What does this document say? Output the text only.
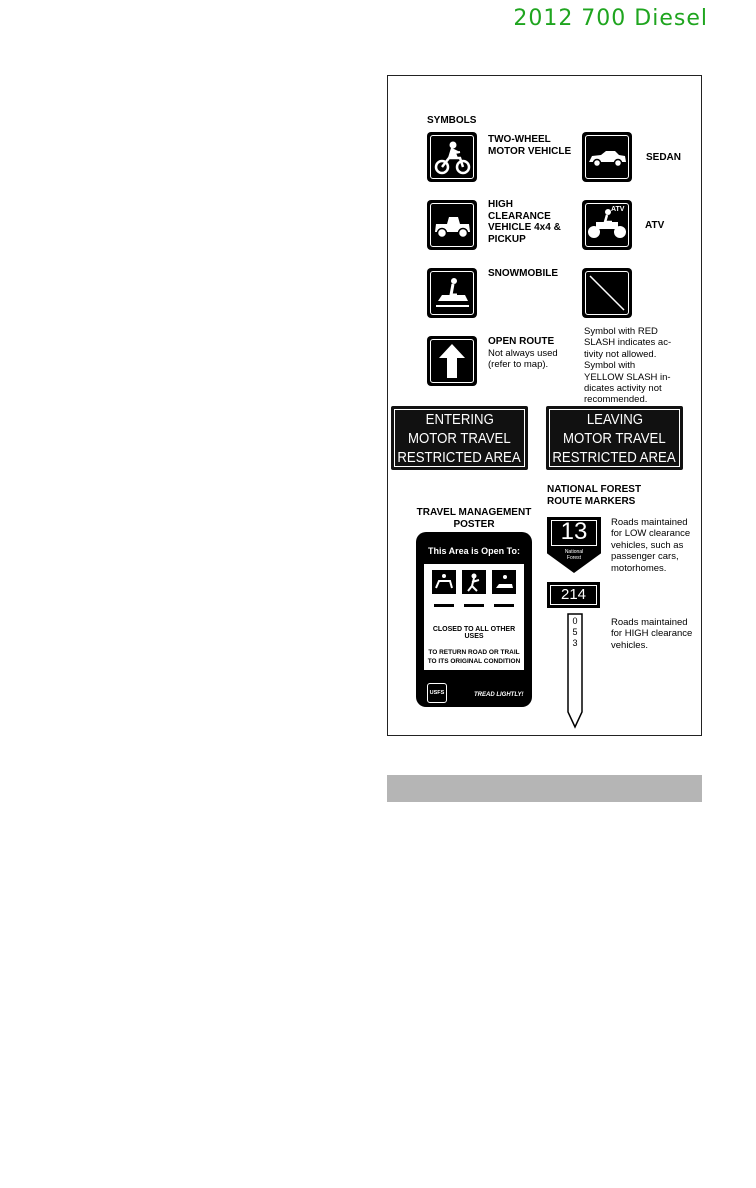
2012 700 Diesel
SYMBOLS
TWO-WHEEL
MOTOR VEHICLE
SEDAN
HIGH
CLEARANCE
VEHICLE 4x4 &
PICKUP
ATV
ATV
SNOWMOBILE
Symbol with RED
SLASH indicates ac-
tivity not allowed.
Symbol with
YELLOW SLASH in-
dicates activity not
recommended.
OPEN ROUTE
Not always used
(refer to map).
ENTERING
MOTOR TRAVEL
RESTRICTED AREA
LEAVING
MOTOR TRAVEL
RESTRICTED AREA
NATIONAL FOREST
ROUTE MARKERS
TRAVEL MANAGEMENT
POSTER
This Area is Open To:
CLOSED TO ALL OTHER USES
TO RETURN ROAD OR TRAIL
TO ITS ORIGINAL CONDITION
USFS	TREAD LIGHTLY!
13
National
Forest
Roads maintained
for LOW clearance
vehicles, such as
passenger cars,
motorhomes.
214
0
5
3
Roads maintained
for HIGH clearance
vehicles.
